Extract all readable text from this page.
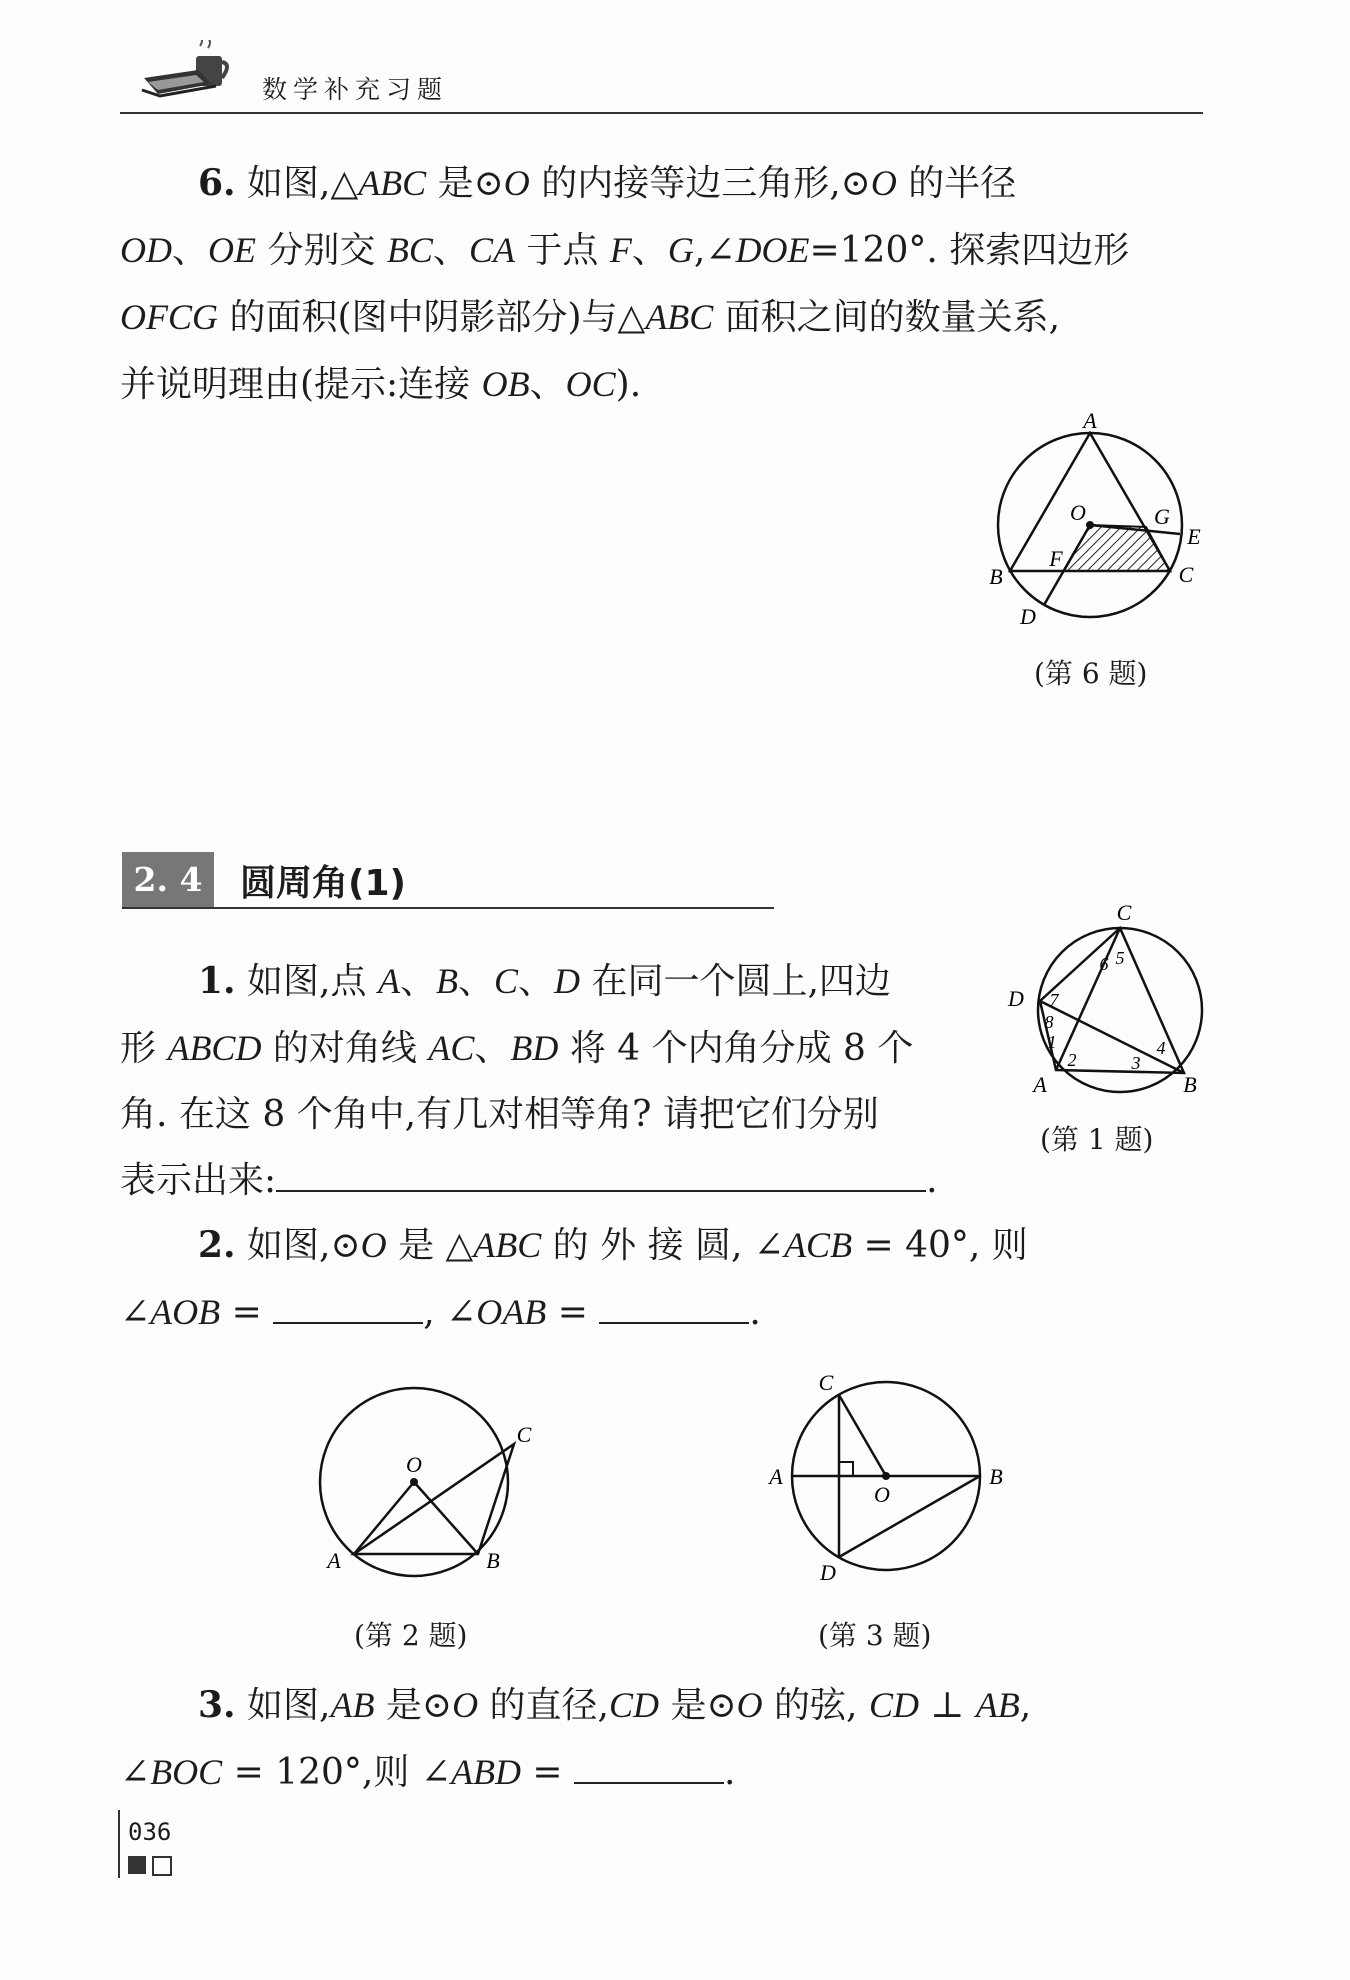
数学补充习题
6. 如图,△ABC 是⊙O 的内接等边三角形,⊙O 的半径
OD、OE 分别交 BC、CA 于点 F、G,∠DOE=120°. 探索四边形
OFCG 的面积(图中阴影部分)与△ABC 面积之间的数量关系,
并说明理由(提示:连接 OB、OC).
A
O	G
E
F
B	C
D
(第 6 题)
2. 4	圆周角(1)
1. 如图,点 A、B、C、D 在同一个圆上,四边
形 ABCD 的对角线 AC、BD 将 4 个内角分成 8 个
角. 在这 8 个角中,有几对相等角? 请把它们分别
表示出来:	.
C
D
A	B
6 5
7
8
1
2	3
4
(第 1 题)
2. 如图,⊙O 是 △ABC 的 外 接 圆, ∠ACB = 40°, 则
∠AOB =	, ∠OAB =	.
O
C
A	B
(第 2 题)
C
A
O
B
D
(第 3 题)
3. 如图,AB 是⊙O 的直径,CD 是⊙O 的弦, CD ⊥ AB,
∠BOC = 120°,则 ∠ABD =	.
036
